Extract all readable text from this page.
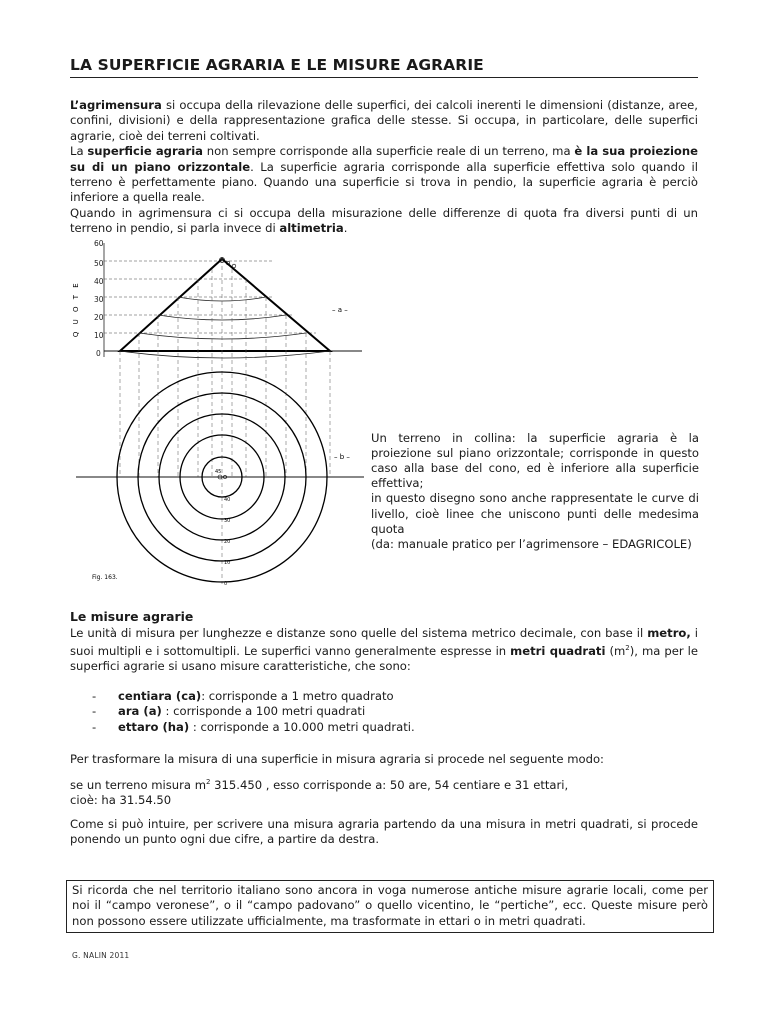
LA SUPERFICIE AGRARIA E LE MISURE AGRARIE

L’agrimensura si occupa della rilevazione delle superfici, dei calcoli inerenti le dimensioni (distanze, aree, confini, divisioni) e della rappresentazione grafica delle stesse. Si occupa, in particolare, delle superfici agrarie, cioè dei terreni coltivati.

La superficie agraria non sempre corrisponde alla superficie reale di un terreno, ma è la sua proiezione su di un piano orizzontale. La superficie agraria corrisponde alla superficie effettiva solo quando il terreno è perfettamente piano. Quando una superficie si trova in pendio, la superficie agraria è perciò inferiore a quella reale.

Quando in agrimensura ci si occupa della misurazione delle differenze di quota fra diversi punti di un terreno in pendio, si parla invece di altimetria.

Q U O T E
60
50
40
30
20
10
0
– a –
– b –
45
40
30
20
10
0
Fig. 163.

Un terreno in collina: la superficie agraria è la proiezione sul piano orizzontale; corrisponde in questo caso alla base del cono, ed è inferiore alla superficie effettiva;

in questo disegno sono anche rappresentate le curve di livello, cioè linee che uniscono punti delle medesima quota

(da: manuale pratico per l’agrimensore – EDAGRICOLE)

Le misure agrarie

Le unità di misura per lunghezze e distanze sono quelle del sistema metrico decimale, con base il metro, i suoi multipli e i sottomultipli. Le superfici vanno generalmente espresse in metri quadrati $(m^2)$, ma per le superfici agrarie si usano misure caratteristiche, che sono:

- centiara (ca): corrisponde a 1 metro quadrato
- ara (a) : corrisponde a 100 metri quadrati
- ettaro (ha) : corrisponde a 10.000 metri quadrati.

Per trasformare la misura di una superficie in misura agraria si procede nel seguente modo:

se un terreno misura $m^2$ 315.450 , esso corrisponde a: 50 are, 54 centiare e 31 ettari,
cioè: ha 31.54.50

Come si può intuire, per scrivere una misura agraria partendo da una misura in metri quadrati, si procede ponendo un punto ogni due cifre, a partire da destra.

Si ricorda che nel territorio italiano sono ancora in voga numerose antiche misure agrarie locali, come per noi il “campo veronese”, o il “campo padovano” o quello vicentino, le “pertiche”, ecc. Queste misure però non possono essere utilizzate ufficialmente, ma trasformate in ettari o in metri quadrati.
G. NALIN 2011
